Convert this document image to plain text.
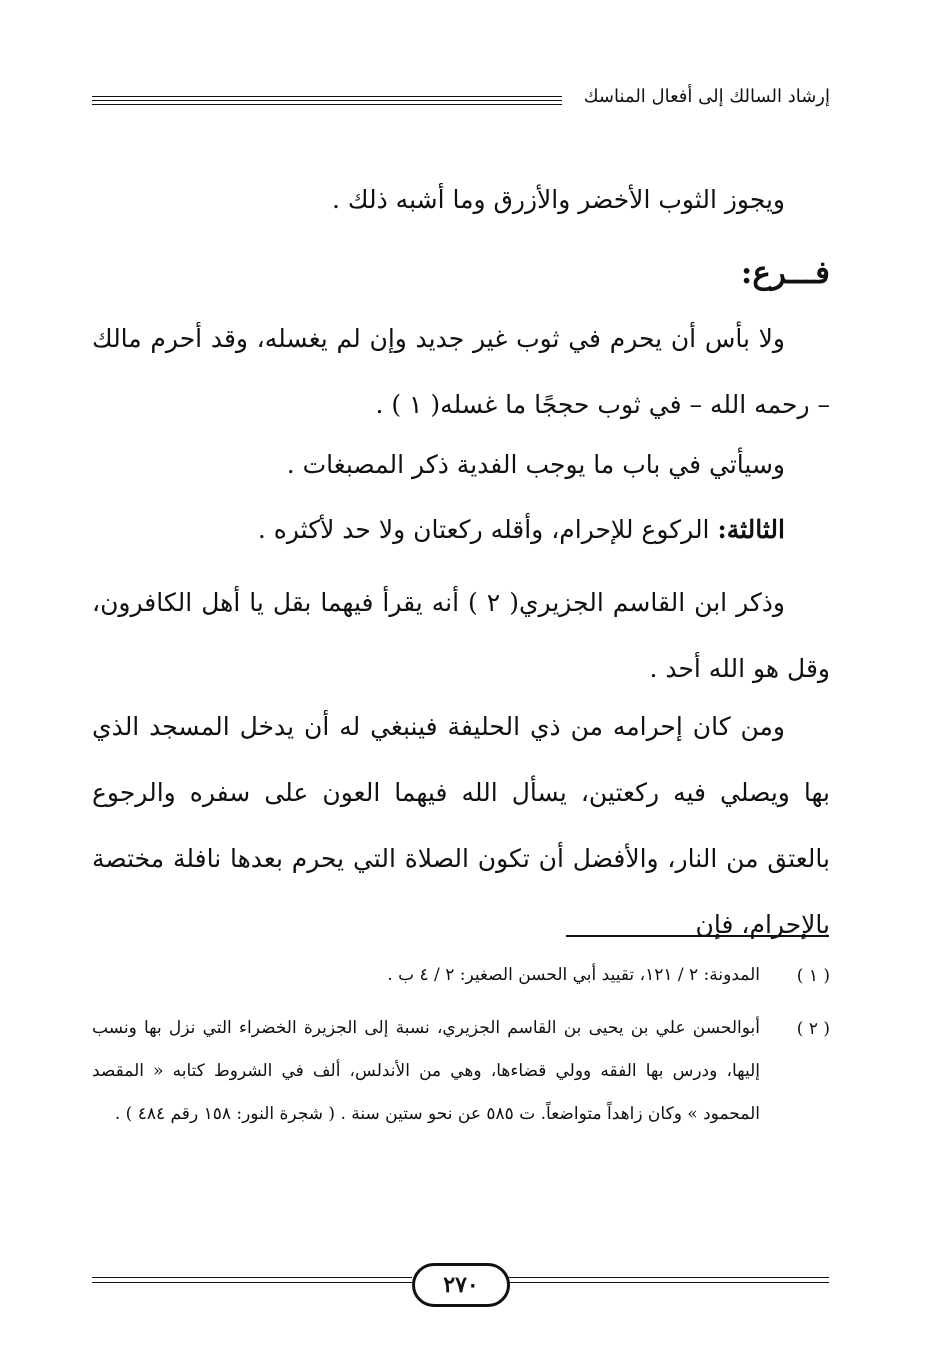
إرشاد السالك إلى أفعال المناسك
ويجوز الثوب الأخضر والأزرق وما أشبه ذلك .
فـــرع:
ولا بأس أن يحرم في ثوب غير جديد وإن لم يغسله، وقد أحرم مالك – رحمه الله – في ثوب حججًا ما غسله( ١ ) .
وسيأتي في باب ما يوجب الفدية ذكر المصبغات .
الثالثة: الركوع للإحرام، وأقله ركعتان ولا حد لأكثره .
وذكر ابن القاسم الجزيري( ٢ ) أنه يقرأ فيهما بقل يا أهل الكافرون، وقل هو الله أحد .
ومن كان إحرامه من ذي الحليفة فينبغي له أن يدخل المسجد الذي بها ويصلي فيه ركعتين، يسأل الله فيهما العون على سفره والرجوع بالعتق من النار، والأفضل أن تكون الصلاة التي يحرم بعدها نافلة مختصة بالإحرام، فإن
( ١ )
المدونة: ٢ / ١٢١، تقييد أبي الحسن الصغير: ٢ / ٤ ب .
( ٢ )
أبوالحسن علي بن يحيى بن القاسم الجزيري، نسبة إلى الجزيرة الخضراء التي نزل بها ونسب إليها، ودرس بها الفقه وولي قضاءها، وهي من الأندلس، ألف في الشروط كتابه « المقصد المحمود » وكان زاهداً متواضعاً. ت ٥٨٥ عن نحو ستين سنة . ( شجرة النور: ١٥٨ رقم ٤٨٤ ) .
٢٧٠
